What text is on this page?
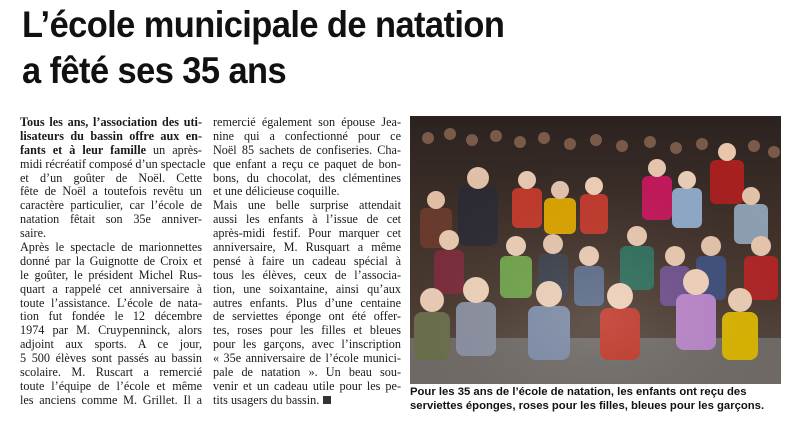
L’école municipale de natation
a fêté ses 35 ans
Tous les ans, l’association des uti-
lisateurs du bassin offre aux en-
fants et à leur famille un après-
midi récréatif composé d’un spectacle
et d’un goûter de Noël. Cette
fête de Noël a toutefois revêtu un
caractère particulier, car l’école de
natation fêtait son 35e anniver-
saire.
Après le spectacle de marionnettes
donné par la Guignotte de Croix et
le goûter, le président Michel Rus-
quart a rappelé cet anniversaire à
toute l’assistance. L’école de nata-
tion fut fondée le 12 décembre
1974 par M. Cruypenninck, alors
adjoint aux sports. A ce jour,
5 500 élèves sont passés au bassin
scolaire. M. Ruscart a remercié
toute l’équipe de l’école et même
les anciens comme M. Grillet. Il a
remercié également son épouse Jea-
nine qui a confectionné pour ce
Noël 85 sachets de confiseries. Cha-
que enfant a reçu ce paquet de bon-
bons, du chocolat, des clémentines
et une délicieuse coquille.
Mais une belle surprise attendait
aussi les enfants à l’issue de cet
après-midi festif. Pour marquer cet
anniversaire, M. Rusquart a même
pensé à faire un cadeau spécial à
tous les élèves, ceux de l’associa-
tion, une soixantaine, ainsi qu’aux
autres enfants. Plus d’une centaine
de serviettes éponge ont été offer-
tes, roses pour les filles et bleues
pour les garçons, avec l’inscription
« 35e anniversaire de l’école munici-
pale de natation ». Un beau sou-
venir et un cadeau utile pour les pe-
tits usagers du bassin.
Pour les 35 ans de l’école de natation, les enfants ont reçu des
serviettes éponges, roses pour les filles, bleues pour les garçons.
